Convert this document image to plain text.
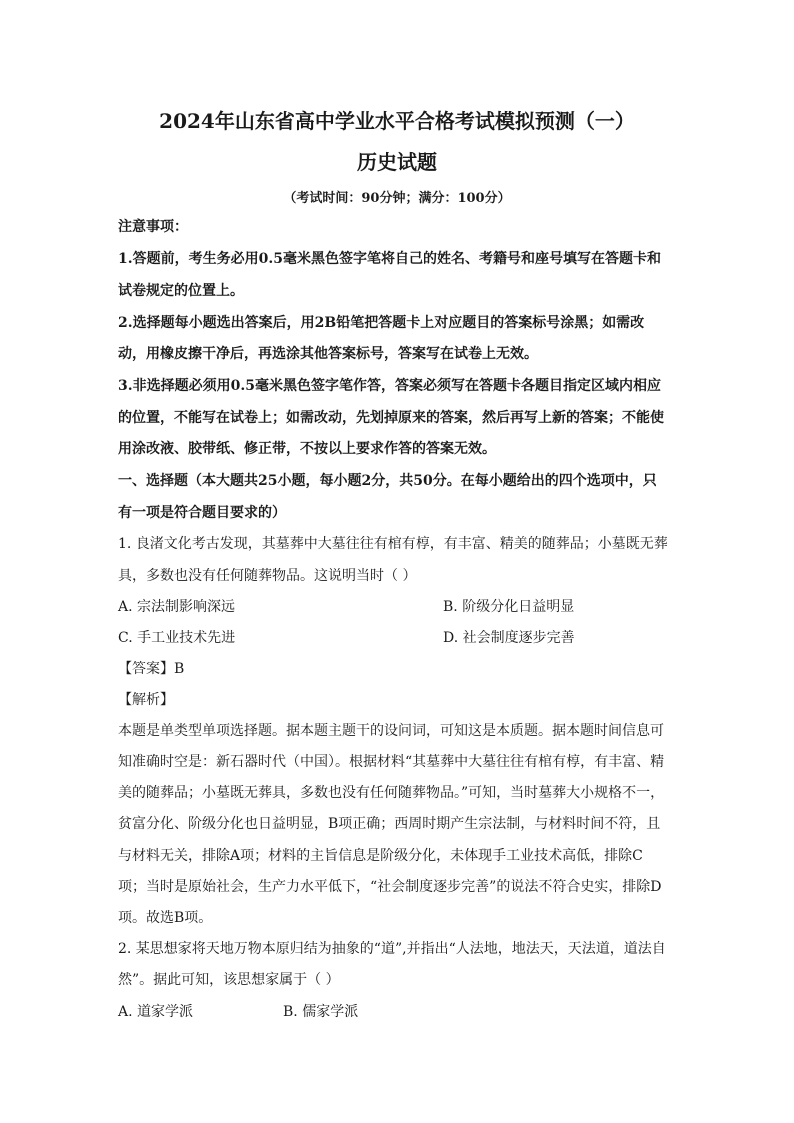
2024年山东省高中学业水平合格考试模拟预测（一）
历史试题
（考试时间：90分钟；满分：100分）
注意事项：
1.答题前，考生务必用0.5毫米黑色签字笔将自己的姓名、考籍号和座号填写在答题卡和
试卷规定的位置上。
2.选择题每小题选出答案后，用2B铅笔把答题卡上对应题目的答案标号涂黑；如需改
动，用橡皮擦干净后，再选涂其他答案标号，答案写在试卷上无效。
3.非选择题必须用0.5毫米黑色签字笔作答，答案必须写在答题卡各题目指定区域内相应
的位置，不能写在试卷上；如需改动，先划掉原来的答案，然后再写上新的答案；不能使
用涂改液、胶带纸、修正带，不按以上要求作答的答案无效。
一、选择题（本大题共25小题，每小题2分，共50分。在每小题给出的四个选项中，只
有一项是符合题目要求的）
1. 良渚文化考古发现，其墓葬中大墓往往有棺有椁，有丰富、精美的随葬品；小墓既无葬
具，多数也没有任何随葬物品。这说明当时（ ）
A. 宗法制影响深远	B. 阶级分化日益明显
C. 手工业技术先进	D. 社会制度逐步完善
【答案】B
【解析】
本题是单类型单项选择题。据本题主题干的设问词，可知这是本质题。据本题时间信息可
知准确时空是：新石器时代（中国）。根据材料“其墓葬中大墓往往有棺有椁，有丰富、精
美的随葬品；小墓既无葬具，多数也没有任何随葬物品。”可知，当时墓葬大小规格不一，
贫富分化、阶级分化也日益明显，B项正确；西周时期产生宗法制，与材料时间不符，且
与材料无关，排除A项；材料的主旨信息是阶级分化，未体现手工业技术高低，排除C
项；当时是原始社会，生产力水平低下，“社会制度逐步完善”的说法不符合史实，排除D
项。故选B项。
2. 某思想家将天地万物本原归结为抽象的“道”,并指出“人法地，地法天，天法道，道法自
然”。据此可知，该思想家属于（ ）
A. 道家学派	B. 儒家学派
